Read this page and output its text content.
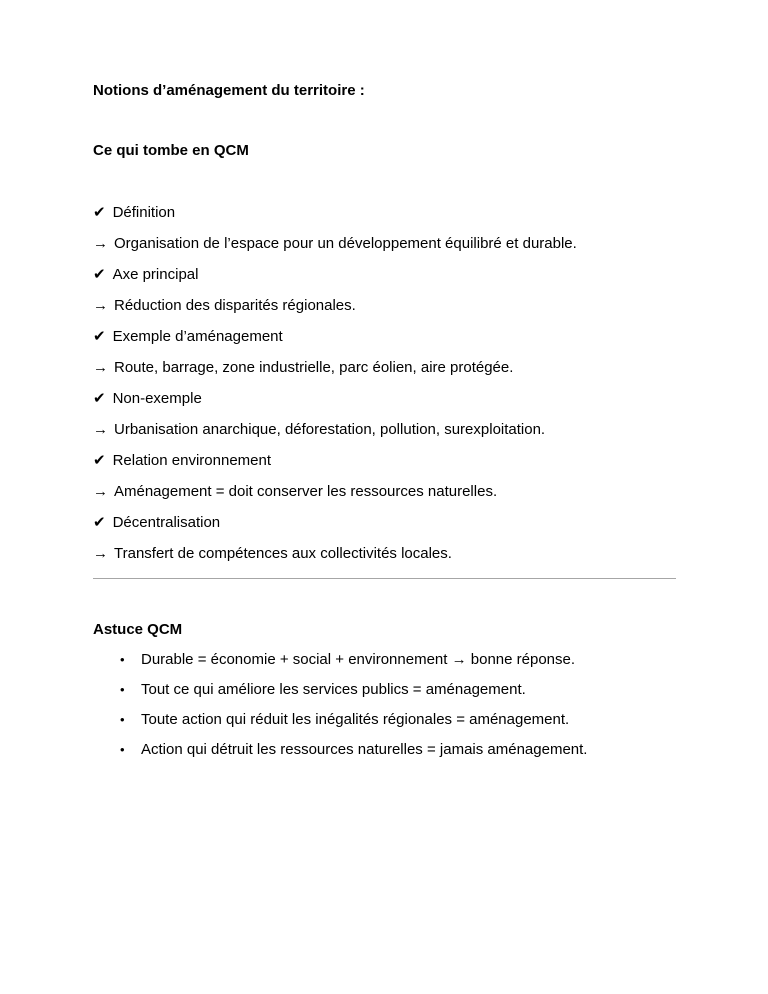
Notions d’aménagement du territoire :
Ce qui tombe en QCM

✔ Définition

→ Organisation de l’espace pour un développement équilibré et durable.

✔ Axe principal

→ Réduction des disparités régionales.

✔ Exemple d’aménagement

→ Route, barrage, zone industrielle, parc éolien, aire protégée.

✔ Non-exemple

→ Urbanisation anarchique, déforestation, pollution, surexploitation.

✔ Relation environnement

→ Aménagement = doit conserver les ressources naturelles.

✔ Décentralisation

→ Transfert de compétences aux collectivités locales.

Astuce QCM
• Durable = économie + social + environnement → bonne réponse.
• Tout ce qui améliore les services publics = aménagement.
• Toute action qui réduit les inégalités régionales = aménagement.
• Action qui détruit les ressources naturelles = jamais aménagement.
